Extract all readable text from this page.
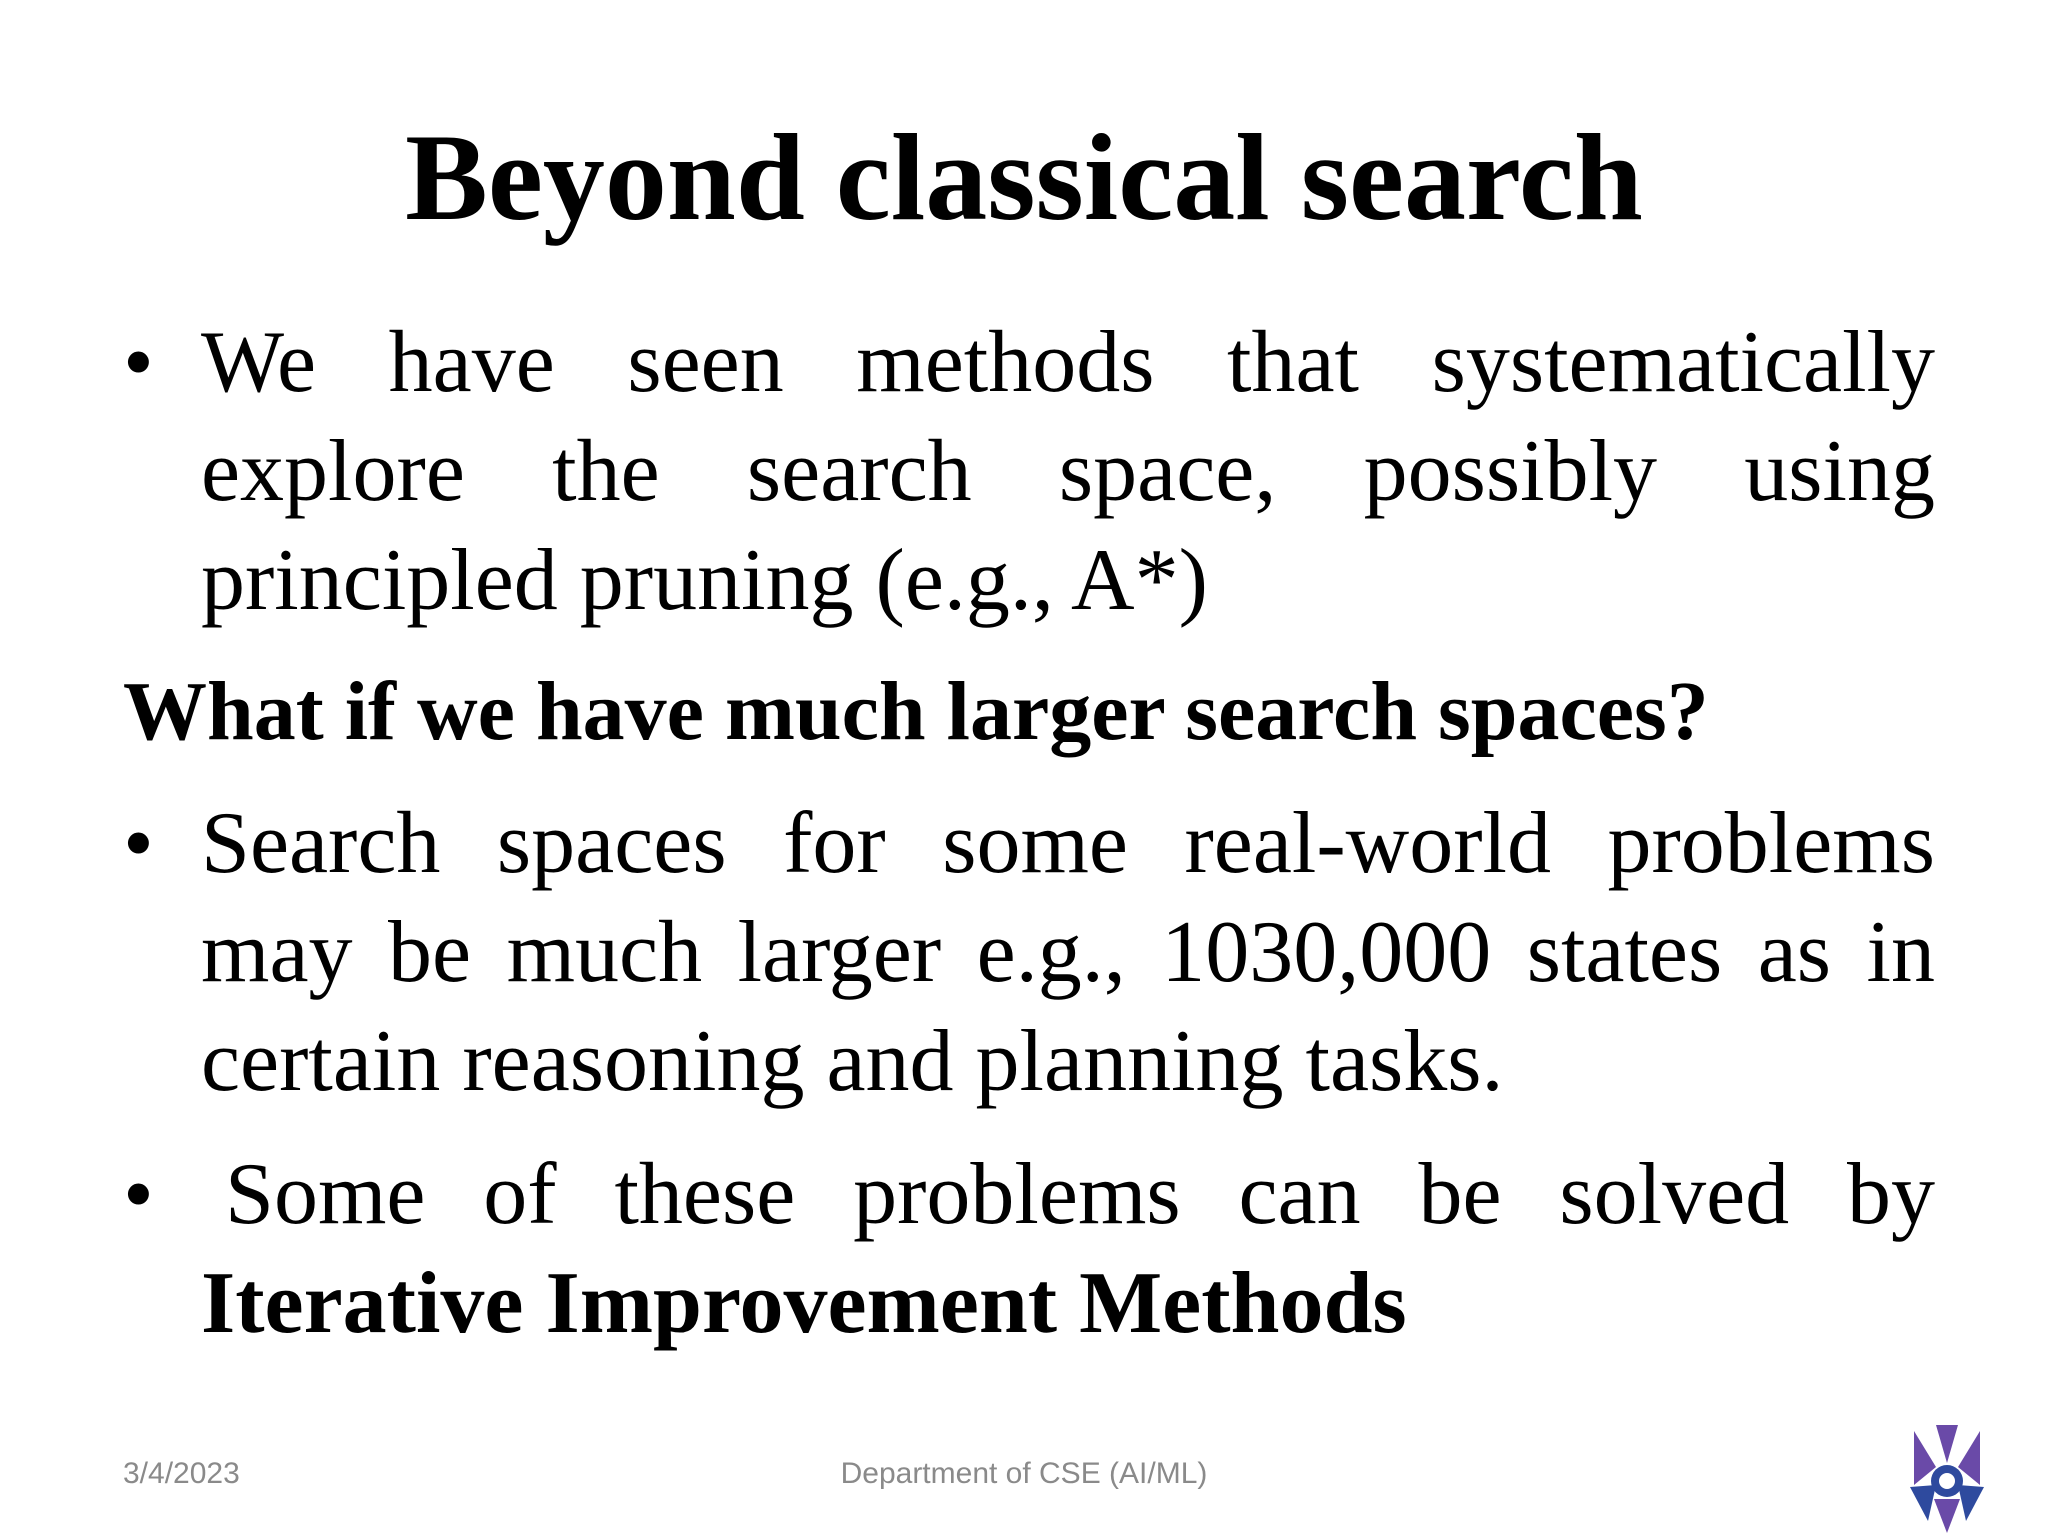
Beyond classical search
• We have seen methods that systematically explore the search space, possibly using principled pruning (e.g., A*)
What if we have much larger search spaces?
• Search spaces for some real-world problems may be much larger e.g., 1030,000 states as in certain reasoning and planning tasks.
• Some of these problems can be solved by Iterative Improvement Methods
3/4/2023	Department of CSE (AI/ML)
